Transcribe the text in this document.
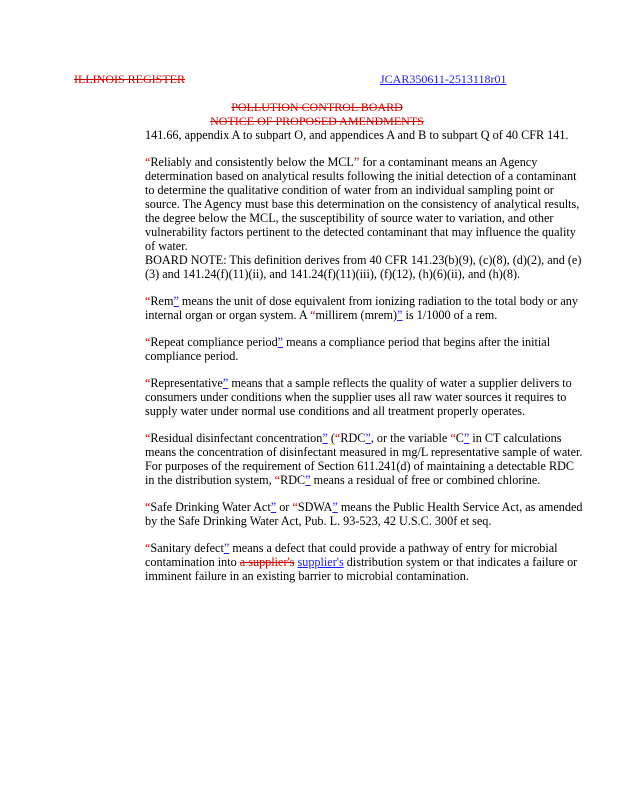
ILLINOIS REGISTER	JCAR350611-2513118r01
POLLUTION CONTROL BOARD
NOTICE OF PROPOSED AMENDMENTS

141.66, appendix A to subpart O, and appendices A and B to subpart Q of 40 CFR 141.

“Reliably and consistently below the MCL” for a contaminant means an Agency determination based on analytical results following the initial detection of a contaminant to determine the qualitative condition of water from an individual sampling point or source. The Agency must base this determination on the consistency of analytical results, the degree below the MCL, the susceptibility of source water to variation, and other vulnerability factors pertinent to the detected contaminant that may influence the quality of water.
BOARD NOTE: This definition derives from 40 CFR 141.23(b)(9), (c)(8), (d)(2), and (e)(3) and 141.24(f)(11)(ii), and 141.24(f)(11)(iii), (f)(12), (h)(6)(ii), and (h)(8).

“Rem” means the unit of dose equivalent from ionizing radiation to the total body or any internal organ or organ system. A “millirem (mrem)” is 1/1000 of a rem.

“Repeat compliance period” means a compliance period that begins after the initial compliance period.

“Representative” means that a sample reflects the quality of water a supplier delivers to consumers under conditions when the supplier uses all raw water sources it requires to supply water under normal use conditions and all treatment properly operates.

“Residual disinfectant concentration” (“RDC”, or the variable “C” in CT calculations means the concentration of disinfectant measured in mg/L representative sample of water. For purposes of the requirement of Section 611.241(d) of maintaining a detectable RDC in the distribution system, “RDC” means a residual of free or combined chlorine.

“Safe Drinking Water Act” or “SDWA” means the Public Health Service Act, as amended by the Safe Drinking Water Act, Pub. L. 93-523, 42 U.S.C. 300f et seq.

“Sanitary defect” means a defect that could provide a pathway of entry for microbial contamination into a supplier's supplier's distribution system or that indicates a failure or imminent failure in an existing barrier to microbial contamination.
